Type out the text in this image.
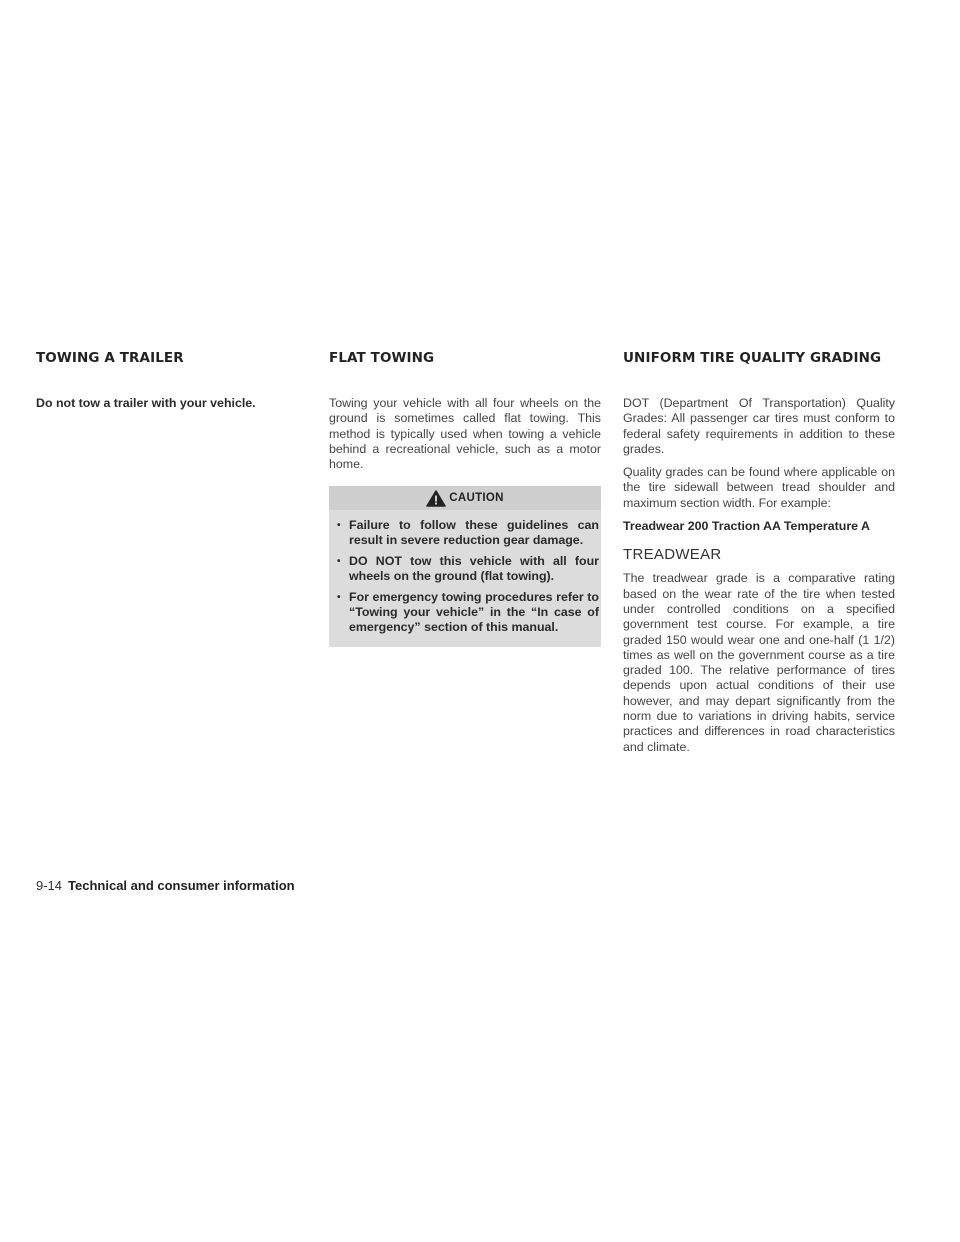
TOWING A TRAILER

Do not tow a trailer with your vehicle.

FLAT TOWING

Towing your vehicle with all four wheels on the ground is sometimes called flat towing. This method is typically used when towing a vehicle behind a recreational vehicle, such as a motor home.

CAUTION
• Failure to follow these guidelines can result in severe reduction gear damage.
• DO NOT tow this vehicle with all four wheels on the ground (flat towing).
• For emergency towing procedures refer to “Towing your vehicle” in the “In case of emergency” section of this manual.
UNIFORM TIRE QUALITY GRADING

DOT (Department Of Transportation) Quality Grades: All passenger car tires must conform to federal safety requirements in addition to these grades.

Quality grades can be found where applicable on the tire sidewall between tread shoulder and maximum section width. For example:

Treadwear 200 Traction AA Temperature A

TREADWEAR

The treadwear grade is a comparative rating based on the wear rate of the tire when tested under controlled conditions on a specified government test course. For example, a tire graded 150 would wear one and one-half (1 1/2) times as well on the government course as a tire graded 100. The relative performance of tires depends upon actual conditions of their use however, and may depart significantly from the norm due to variations in driving habits, service practices and differences in road characteristics and climate.

9-14 Technical and consumer information
